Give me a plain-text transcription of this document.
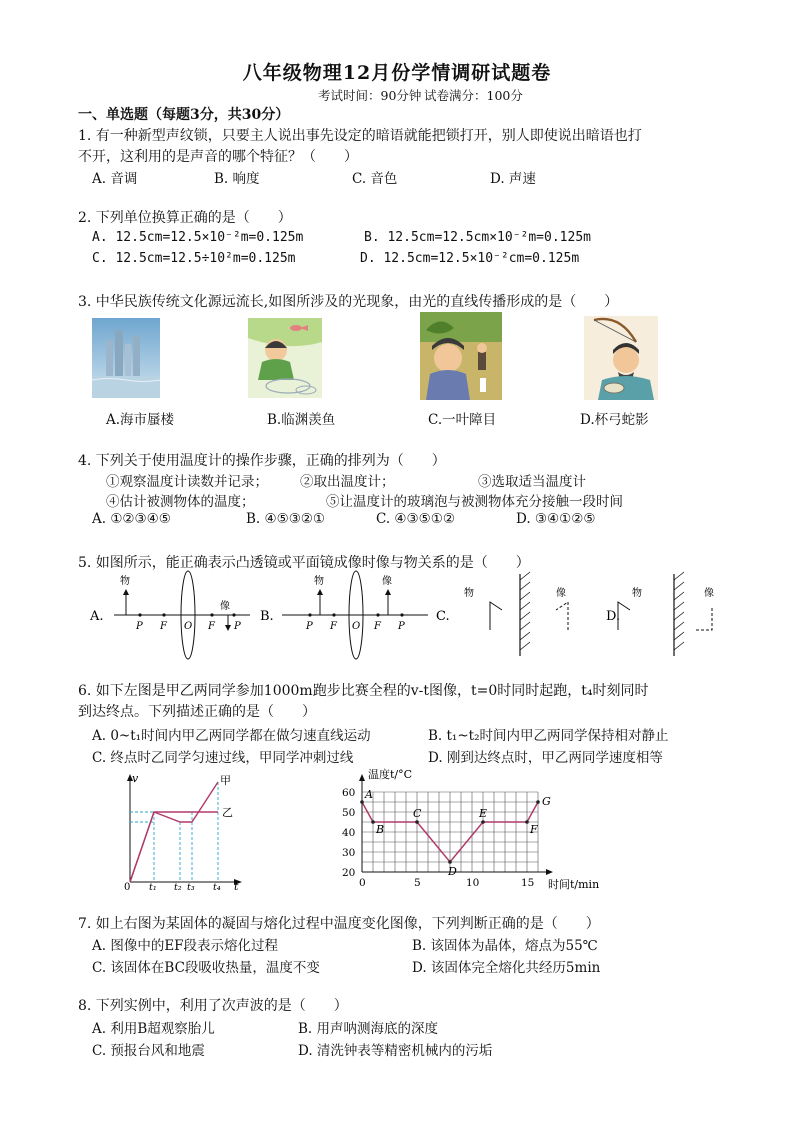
八年级物理12月份学情调研试题卷
考试时间：90分钟 试卷满分：100分
一、单选题（每题3分，共30分）
1. 有一种新型声纹锁，只要主人说出事先设定的暗语就能把锁打开，别人即使说出暗语也打
不开，这利用的是声音的哪个特征？（　　）
A. 音调	B. 响度	C. 音色	D. 声速
2. 下列单位换算正确的是（　　）
A. 12.5cm=12.5×10⁻²m=0.125m	B. 12.5cm=12.5cm×10⁻²m=0.125m
C. 12.5cm=12.5÷10²m=0.125m	D. 12.5cm=12.5×10⁻²cm=0.125m
3. 中华民族传统文化源远流长,如图所涉及的光现象，由光的直线传播形成的是（　　）
A.海市蜃楼	B.临渊羡鱼	C.一叶障目	D.杯弓蛇影
4. 下列关于使用温度计的操作步骤，正确的排列为（　　）
①观察温度计读数并记录； ②取出温度计；	③选取适当温度计
④估计被测物体的温度；	⑤让温度计的玻璃泡与被测物体充分接触一段时间
A. ①②③④⑤	B. ④⑤③②①	C. ④③⑤①②	D. ③④①②⑤
5. 如图所示，能正确表示凸透镜或平面镜成像时像与物关系的是（　　）
A.
物
像
P F O F P
B.
物	像
P F O F P
C.
物	像
D.
物	像
6. 如下左图是甲乙两同学参加1000m跑步比赛全程的v-t图像，t=0时同时起跑，t₄时刻同时
到达终点。下列描述正确的是（　　）
A. 0~t₁时间内甲乙两同学都在做匀速直线运动	B. t₁~t₂时间内甲乙两同学保持相对静止
C. 终点时乙同学匀速过线，甲同学冲刺过线	D. 刚到达终点时，甲乙两同学速度相等
v
t
0
甲
乙
t₁ t₂ t₃ t₄
20
30
40
50
60
0	5	10	15
A
B
C
D
E
F
G
温度t/°C
时间t/min
7. 如上右图为某固体的凝固与熔化过程中温度变化图像，下列判断正确的是（　　）
A. 图像中的EF段表示熔化过程	B. 该固体为晶体，熔点为55℃
C. 该固体在BC段吸收热量，温度不变	D. 该固体完全熔化共经历5min
8. 下列实例中，利用了次声波的是（　　）
A. 利用B超观察胎儿	B. 用声呐测海底的深度
C. 预报台风和地震	D. 清洗钟表等精密机械内的污垢
